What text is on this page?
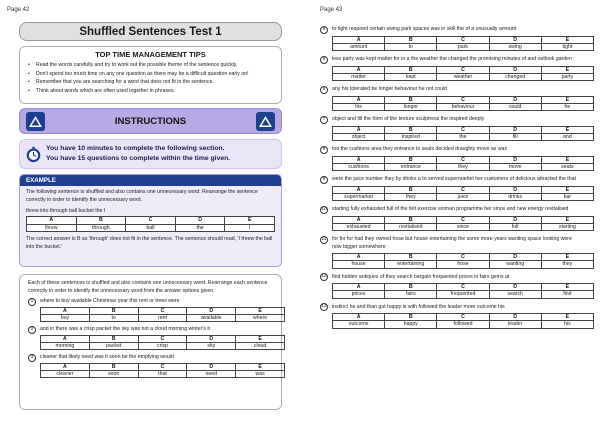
Page 42
Shuffled Sentences Test 1
TOP TIME MANAGEMENT TIPS
• Read the words carefully and try to work out the possible theme of the sentence quickly.
• Don't spend too much time on any one question as there may be a difficult question early on!
• Remember that you are searching for a word that does not fit in the sentence.
• Think about words which are often used together in phrases.
INSTRUCTIONS
You have 10 minutes to complete the following section.
You have 15 questions to complete within the time given.
EXAMPLE

The following sentence is shuffled and also contains one unnecessary word. Rearrange the sentence correctly in order to identify the unnecessary word.

threw into through ball bucket the I

A	B	C	D	E
threw	through	ball	the	I

The correct answer is B as 'through' does not fit in the sentence. The sentence should read, 'I threw the ball into the bucket.'

Each of these sentences is shuffled and also contains one unnecessary word. Rearrange each sentence correctly in order to identify the unnecessary word from the answer options given.
1	where to buy available Christmas year this rent or trees were
A	B	C	D	E
buy	to	rent	available	where
2	and in there was a crisp packet the sky was not a cloud morning winter's it
A	B	C	D	E
morning	packet	crisp	sky	cloud
3	cleaner that likely need was it soon be the emptying would
A	B	C	D	E
cleaner	soon	that	need	was
Page 43
4	to tight required certain swing park spaces was in skill the of a unusually amount
A	B	C	D	E
amount	to	park	swing	tight
5	less party was kept matter for in a the weather the changed the promising minutes of and outlook garden
A	B	C	D	E
matter	kept	weather	changed	party
6	any his tolerated be longer behaviour he not could
A	B	C	D	E
his	longer	behaviour	could	he
7	object and fill the form of the texture sculptress the inspired deeply
A	B	C	D	E
object	inspired	the	fill	and
8	too the cushions area they entrance to seats decided draughty move as was
A	B	C	D	E
cushions	entrance	they	move	seats
9	were the juice number they by drinks a to served supermarket her customers of delicious attracted the that
A	B	C	D	E
supermarket	they	juice	drinks	bar
10 starting fully exhausted full of the felt exercise woman programme her since and new energy revitalised
A	B	C	D	E
exhausted	revitalised	since	full	starting
11 for for for had they owned hose but house entertaining the some more years wanting space looking were now bigger somewhere
A	B	C	D	E
house	entertaining	hose	wanting	they
12 find hidden antiques of they search bargain frequented prices in fairs gems at
A	B	C	D	E
prices	fairs	frequented	search	find
13 instinct he and than gut happy is with followed the leader more outcome his
A	B	C	D	E
outcome	happy	followed	leader	his
